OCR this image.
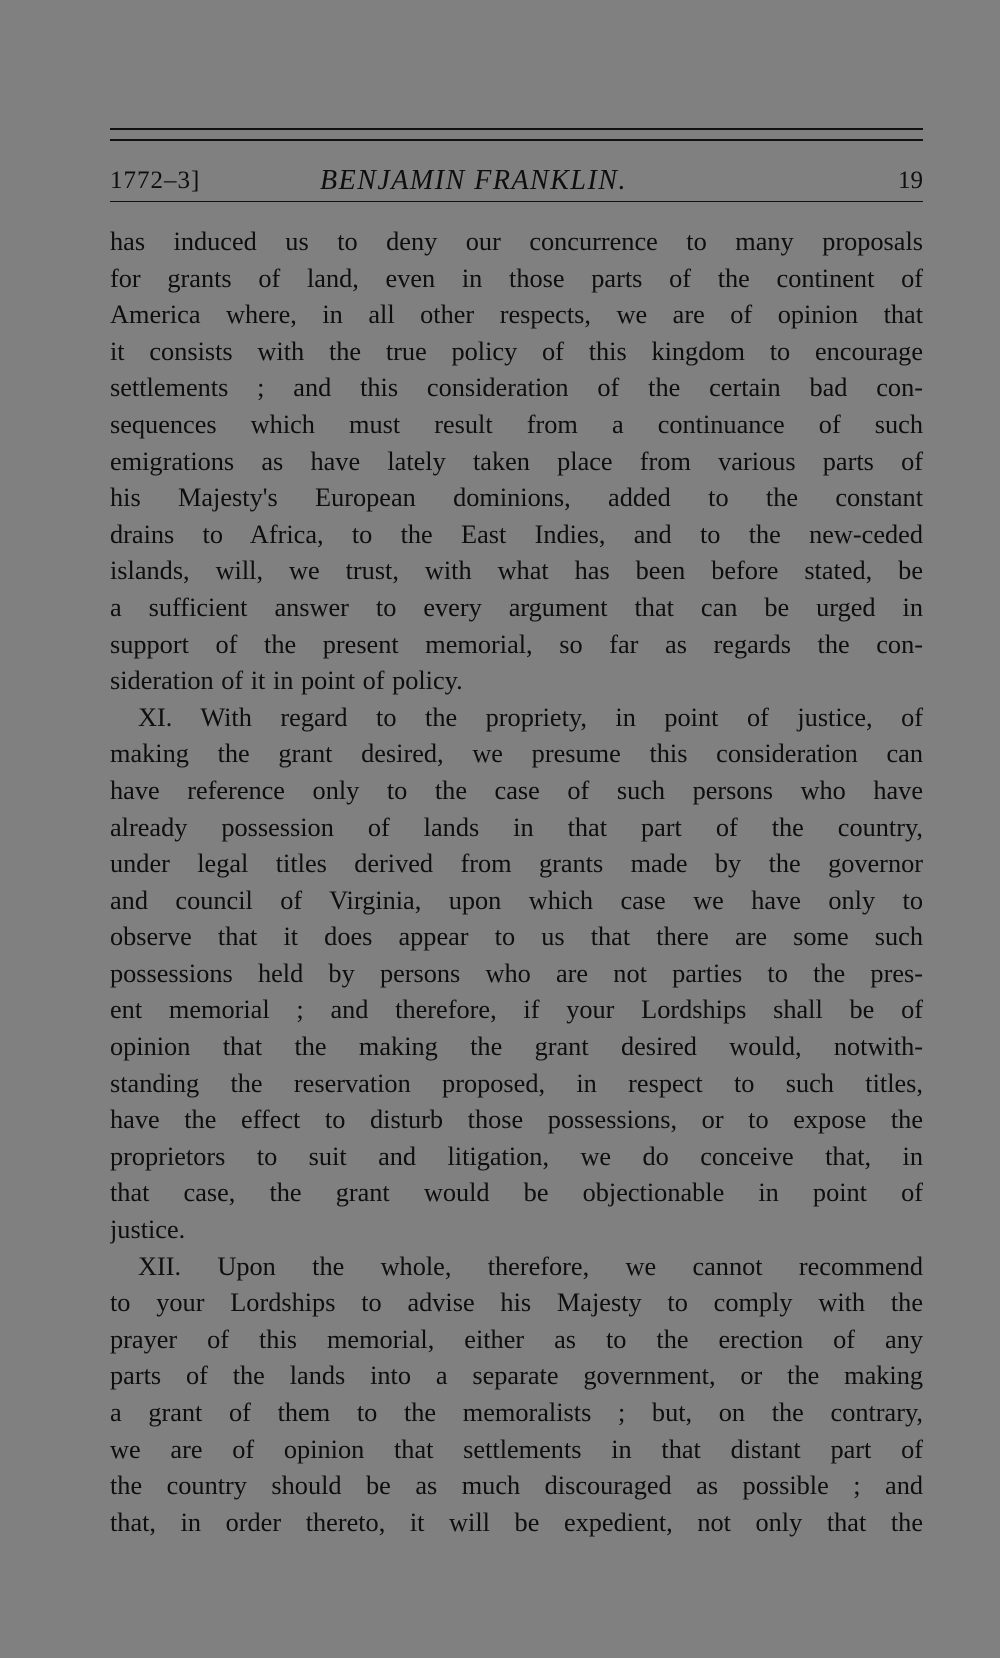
1772–3]	BENJAMIN FRANKLIN.	19
has induced us to deny our concurrence to many proposals
for grants of land, even in those parts of the continent of
America where, in all other respects, we are of opinion that
it consists with the true policy of this kingdom to encourage
settlements ; and this consideration of the certain bad con-
sequences which must result from a continuance of such
emigrations as have lately taken place from various parts of
his Majesty's European dominions, added to the constant
drains to Africa, to the East Indies, and to the new-ceded
islands, will, we trust, with what has been before stated, be
a sufficient answer to every argument that can be urged in
support of the present memorial, so far as regards the con-
sideration of it in point of policy.
XI. With regard to the propriety, in point of justice, of
making the grant desired, we presume this consideration can
have reference only to the case of such persons who have
already possession of lands in that part of the country,
under legal titles derived from grants made by the governor
and council of Virginia, upon which case we have only to
observe that it does appear to us that there are some such
possessions held by persons who are not parties to the pres-
ent memorial ; and therefore, if your Lordships shall be of
opinion that the making the grant desired would, notwith-
standing the reservation proposed, in respect to such titles,
have the effect to disturb those possessions, or to expose the
proprietors to suit and litigation, we do conceive that, in
that case, the grant would be objectionable in point of
justice.
XII. Upon the whole, therefore, we cannot recommend
to your Lordships to advise his Majesty to comply with the
prayer of this memorial, either as to the erection of any
parts of the lands into a separate government, or the making
a grant of them to the memoralists ; but, on the contrary,
we are of opinion that settlements in that distant part of
the country should be as much discouraged as possible ; and
that, in order thereto, it will be expedient, not only that the
